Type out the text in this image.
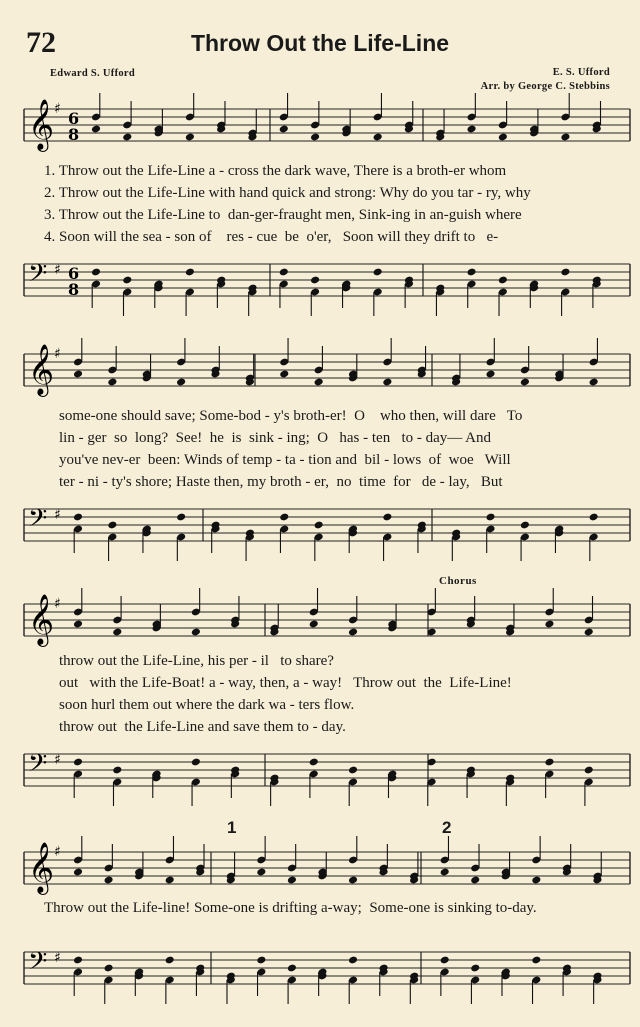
72	Throw Out the Life-Line
Edward S. Ufford	E. S. Ufford
Arr. by George C. Stebbins
𝄞 ♯ 6
8
1. Throw out the Life-Line a - cross the dark wave, There is a broth-er whom
2. Throw out the Life-Line with hand quick and strong: Why do you tar - ry, why
3. Throw out the Life-Line to  dan-ger-fraught men, Sink-ing in an-guish where
4. Soon will the sea - son of    res - cue  be  o'er,   Soon will they drift to   e-
𝄢 ♯ 6
8
𝄞 ♯
some-one should save; Some-bod - y's broth-er!  O    who then, will dare   To
lin - ger  so  long?  See!  he  is  sink - ing;  O   has - ten   to - day— And
you've nev-er  been: Winds of temp - ta - tion and  bil - lows  of  woe   Will
ter - ni - ty's shore; Haste then, my broth - er,  no  time  for   de - lay,   But
𝄢 ♯
Chorus
𝄞 ♯
throw out the Life-Line, his per - il   to share?
out   with the Life-Boat! a - way, then, a - way!   Throw out  the  Life-Line!
soon hurl them out where the dark wa - ters flow.
throw out  the Life-Line and save them to - day.
𝄢 ♯
1	2
𝄞 ♯
Throw out the Life-line! Some-one is drifting a-way;  Some-one is sinking to-day.
𝄢 ♯
